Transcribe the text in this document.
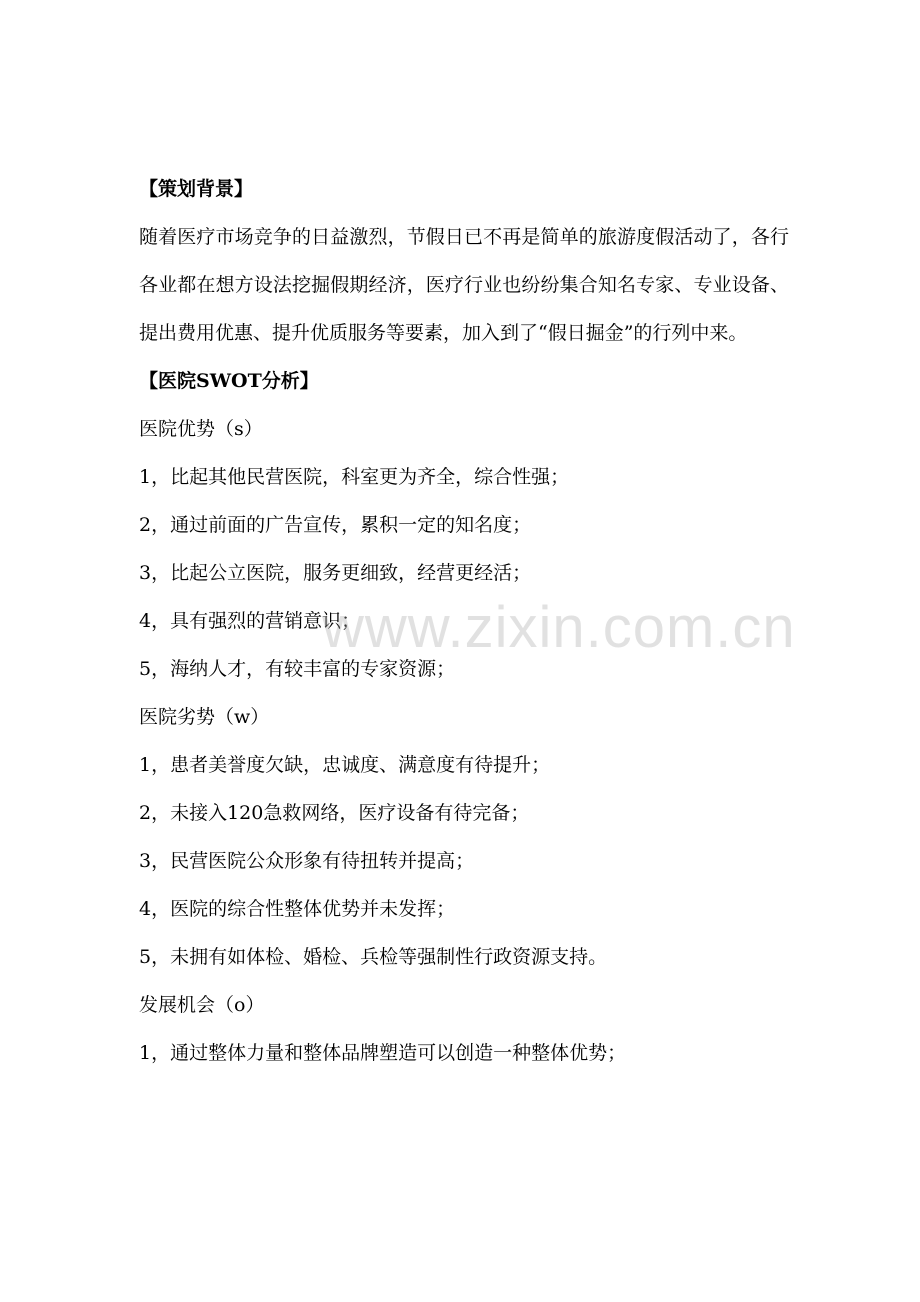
【策划背景】

随着医疗市场竞争的日益激烈，节假日已不再是简单的旅游度假活动了，各行各业都在想方设法挖掘假期经济，医疗行业也纷纷集合知名专家、专业设备、提出费用优惠、提升优质服务等要素，加入到了“假日掘金”的行列中来。

【医院SWOT分析】

医院优势（s）

1，比起其他民营医院，科室更为齐全，综合性强；

2，通过前面的广告宣传，累积一定的知名度；

3，比起公立医院，服务更细致，经营更经活；

4，具有强烈的营销意识；

5，海纳人才，有较丰富的专家资源；

医院劣势（w）

1，患者美誉度欠缺，忠诚度、满意度有待提升；

2，未接入120急救网络，医疗设备有待完备；

3，民营医院公众形象有待扭转并提高；

4，医院的综合性整体优势并未发挥；

5，未拥有如体检、婚检、兵检等强制性行政资源支持。

发展机会（o）

1，通过整体力量和整体品牌塑造可以创造一种整体优势；

www.zixin.com.cn
